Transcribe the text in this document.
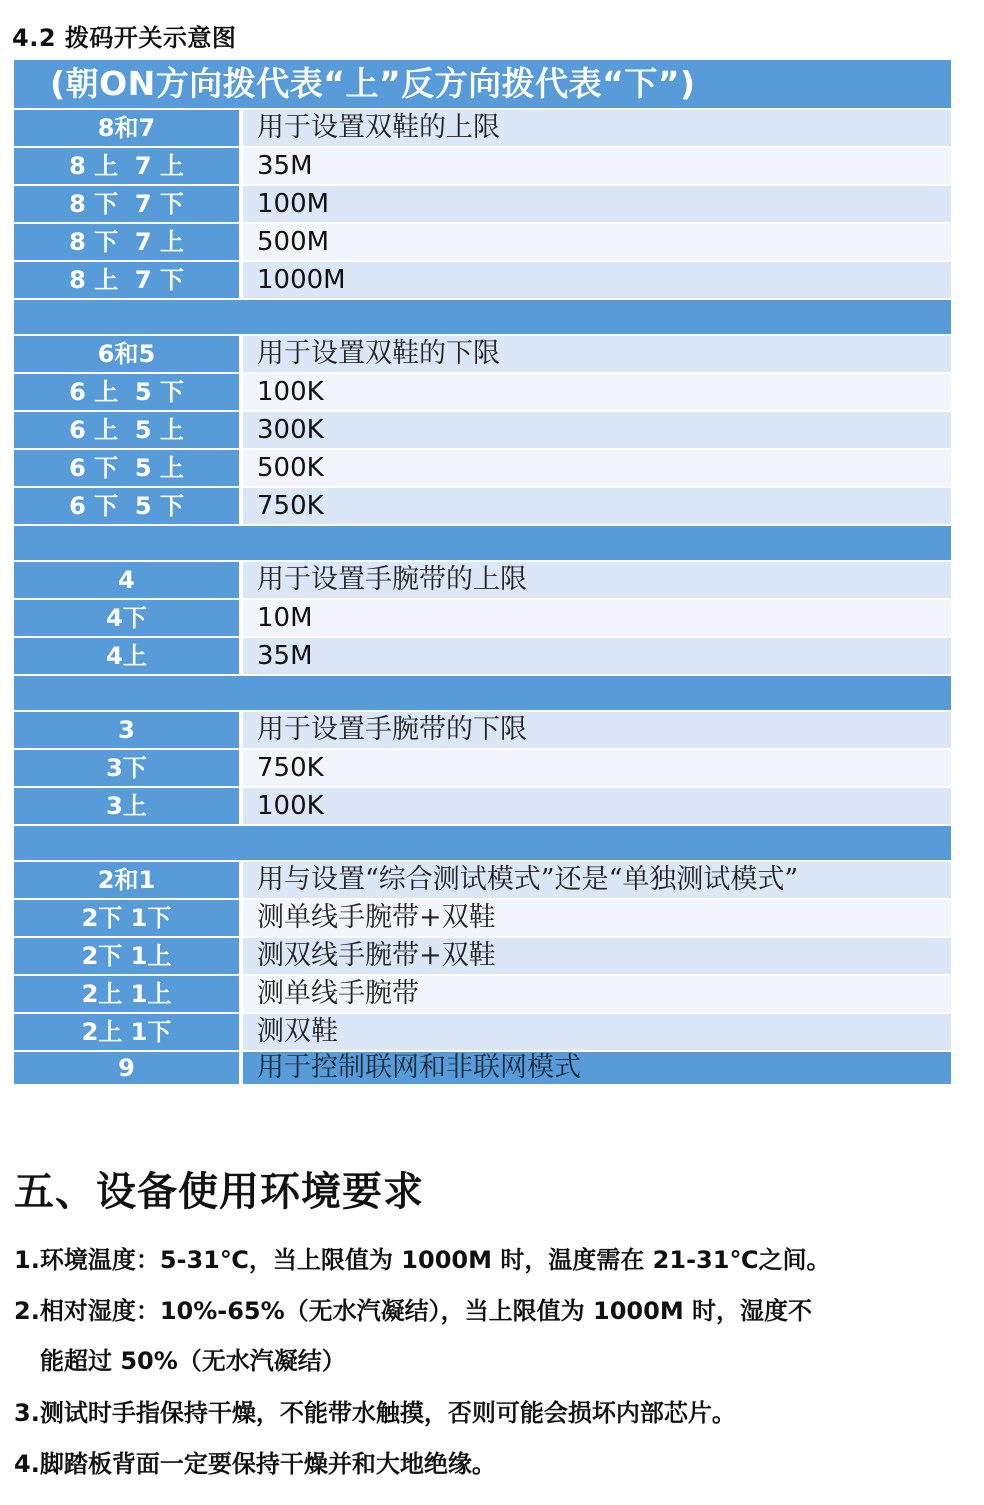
4.2 拨码开关示意图
(朝ON方向拨代表“上”反方向拨代表“下”)
8和7	用于设置双鞋的上限
8 上  7 上	35M
8 下  7 下	100M
8 下  7 上	500M
8 上  7 下	1000M
6和5	用于设置双鞋的下限
6 上  5 下	100K
6 上  5 上	300K
6 下  5 上	500K
6 下  5 下	750K
4	用于设置手腕带的上限
4下	10M
4上	35M
3	用于设置手腕带的下限
3下	750K
3上	100K
2和1	用与设置“综合测试模式”还是“单独测试模式”
2下 1下	测单线手腕带+双鞋
2下 1上	测双线手腕带+双鞋
2上 1上	测单线手腕带
2上 1下	测双鞋
9	用于控制联网和非联网模式
五、设备使用环境要求
1.环境温度：5-31℃，当上限值为 1000M 时，温度需在 21-31℃之间。
2.相对湿度：10%-65%（无水汽凝结），当上限值为 1000M 时，湿度不
能超过 50%（无水汽凝结）
3.测试时手指保持干燥，不能带水触摸，否则可能会损坏内部芯片。
4.脚踏板背面一定要保持干燥并和大地绝缘。
